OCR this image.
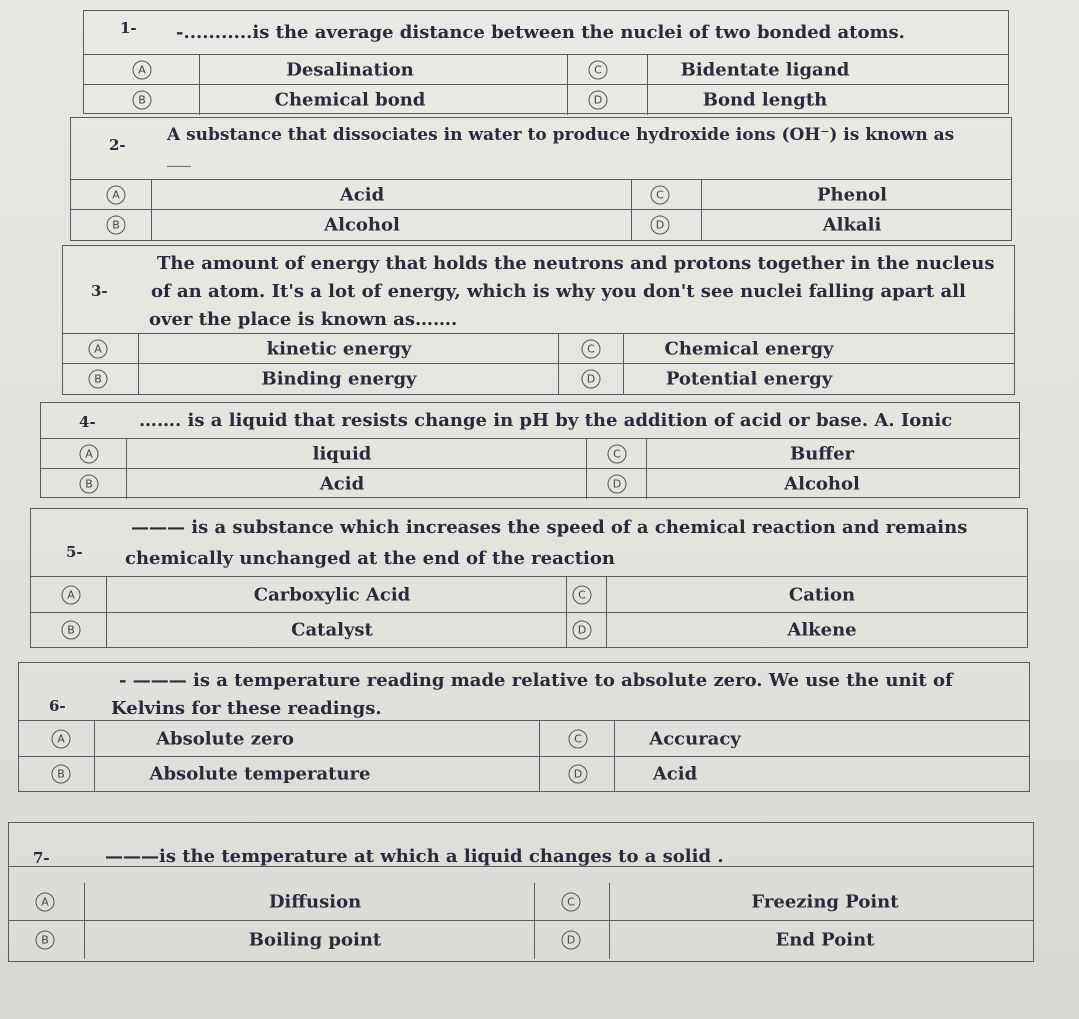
1- -...........is the average distance between the nuclei of two bonded atoms.
A	Desalination	C	Bidentate ligand
B	Chemical bond	D	Bond length
2- A substance that dissociates in water to produce hydroxide ions (OH⁻) is known as
____
A	Acid	C	Phenol
B	Alcohol	D	Alkali
3-
The amount of energy that holds the neutrons and protons together in the nucleus
of an atom. It's a lot of energy, which is why you don't see nuclei falling apart all
over the place is known as…….
A	kinetic energy	C	Chemical energy
B	Binding energy	D	Potential energy
4- ……. is a liquid that resists change in pH by the addition of acid or base. A. Ionic
A	liquid	C	Buffer
B	Acid	D	Alcohol
5-
——— is a substance which increases the speed of a chemical reaction and remains
chemically unchanged at the end of the reaction
A	Carboxylic Acid	C	Cation
B	Catalyst	D	Alkene
6-
- ——— is a temperature reading made relative to absolute zero. We use the unit of
Kelvins for these readings.
A	Absolute zero	C	Accuracy
B	Absolute temperature	D	Acid
7-	———is the temperature at which a liquid changes to a solid .
A	Diffusion	C	Freezing Point
B	Boiling point	D	End Point
